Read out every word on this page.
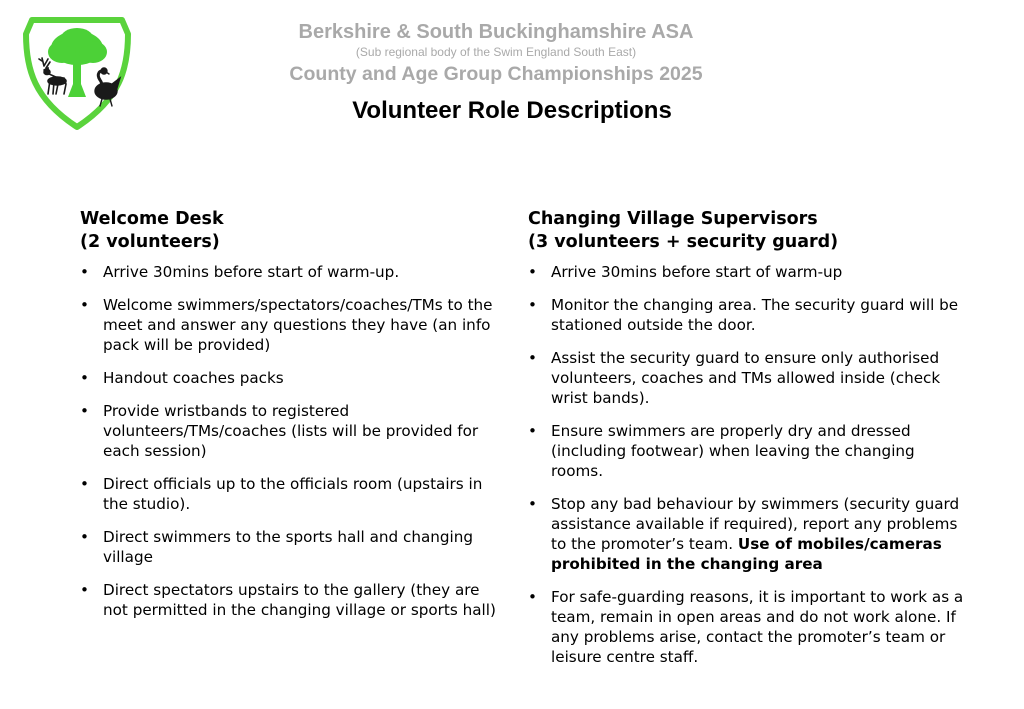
Berkshire & South Buckinghamshire ASA
(Sub regional body of the Swim England South East)
County and Age Group Championships 2025
Volunteer Role Descriptions
Welcome Desk
(2 volunteers)
• Arrive 30mins before start of warm-up.
• Welcome swimmers/spectators/coaches/TMs to the meet and answer any questions they have (an info pack will be provided)
• Handout coaches packs
• Provide wristbands to registered volunteers/TMs/coaches (lists will be provided for each session)
• Direct officials up to the officials room (upstairs in the studio).
• Direct swimmers to the sports hall and changing village
• Direct spectators upstairs to the gallery (they are not permitted in the changing village or sports hall)
Changing Village Supervisors
(3 volunteers + security guard)
• Arrive 30mins before start of warm-up
• Monitor the changing area. The security guard will be stationed outside the door.
• Assist the security guard to ensure only authorised volunteers, coaches and TMs allowed inside (check wrist bands).
• Ensure swimmers are properly dry and dressed (including footwear) when leaving the changing rooms.
• Stop any bad behaviour by swimmers (security guard assistance available if required), report any problems to the promoter’s team. Use of mobiles/cameras prohibited in the changing area
• For safe-guarding reasons, it is important to work as a team, remain in open areas and do not work alone. If any problems arise, contact the promoter’s team or leisure centre staff.
